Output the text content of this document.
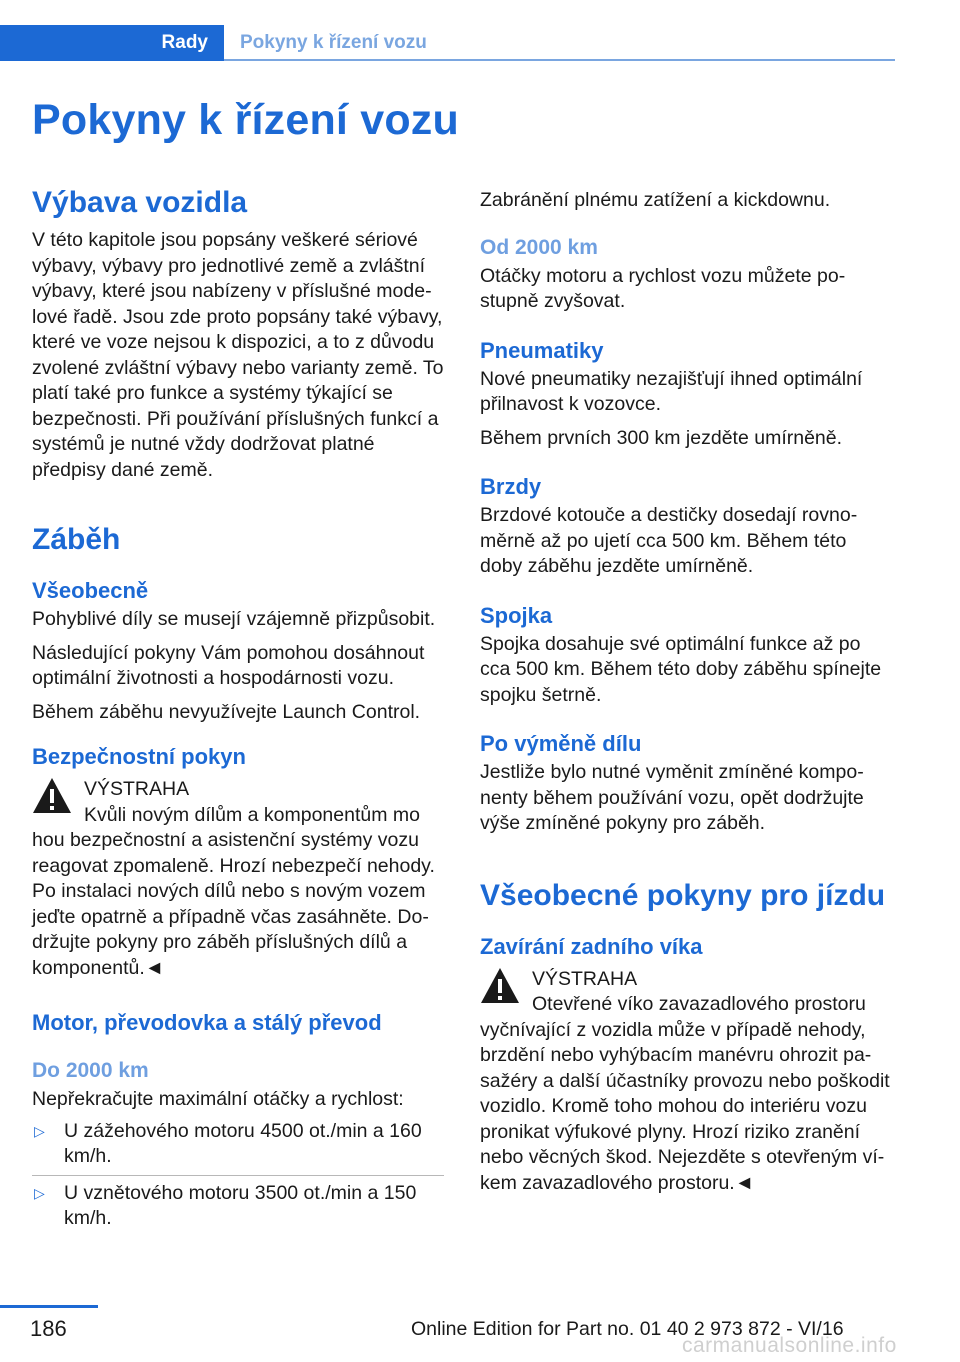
Rady	Pokyny k řízení vozu
Pokyny k řízení vozu
Výbava vozidla
V této kapitole jsou popsány veškeré sériové výbavy, výbavy pro jednotlivé země a zvláštní výbavy, které jsou nabízeny v příslušné modelové řadě. Jsou zde proto popsány také výbavy, které ve voze nejsou k dispozici, a to z důvodu zvolené zvláštní výbavy nebo varianty země. To platí také pro funkce a systémy týkající se bezpečnosti. Při používání příslušných funkcí a systémů je nutné vždy dodržovat platné předpisy dané země.
Záběh
Všeobecně
Pohyblivé díly se musejí vzájemně přizpůsobit.
Následující pokyny Vám pomohou dosáhnout optimální životnosti a hospodárnosti vozu.
Během záběhu nevyužívejte Launch Control.
Bezpečnostní pokyn
VÝSTRAHA
Kvůli novým dílům a komponentům mo
hou bezpečnostní a asistenční systémy vozu reagovat zpomaleně. Hrozí nebezpečí nehody. Po instalaci nových dílů nebo s novým vozem jeďte opatrně a případně včas zasáhněte. Dodržujte pokyny pro záběh příslušných dílů a komponentů.◄
Motor, převodovka a stálý převod
Do 2000 km
Nepřekračujte maximální otáčky a rychlost:
▷ U zážehového motoru 4500 ot./min a 160 km/h.
▷ U vznětového motoru 3500 ot./min a 150 km/h.
Zabránění plnému zatížení a kickdownu.
Od 2000 km
Otáčky motoru a rychlost vozu můžete postupně zvyšovat.
Pneumatiky
Nové pneumatiky nezajišťují ihned optimální přilnavost k vozovce.
Během prvních 300 km jezděte umírněně.
Brzdy
Brzdové kotouče a destičky dosedají rovnoměrně až po ujetí cca 500 km. Během této doby záběhu jezděte umírněně.
Spojka
Spojka dosahuje své optimální funkce až po cca 500 km. Během této doby záběhu spínejte spojku šetrně.
Po výměně dílu
Jestliže bylo nutné vyměnit zmíněné komponenty během používání vozu, opět dodržujte výše zmíněné pokyny pro záběh.
Všeobecné pokyny pro jízdu
Zavírání zadního víka
VÝSTRAHA
Otevřené víko zavazadlového prostoru
vyčnívající z vozidla může v případě nehody, brzdění nebo vyhýbacím manévru ohrozit pasažéry a další účastníky provozu nebo poškodit vozidlo. Kromě toho mohou do interiéru vozu pronikat výfukové plyny. Hrozí riziko zranění nebo věcných škod. Nejezděte s otevřeným víkem zavazadlového prostoru.◄
186	Online Edition for Part no. 01 40 2 973 872 - VI/16
carmanualsonline.info
